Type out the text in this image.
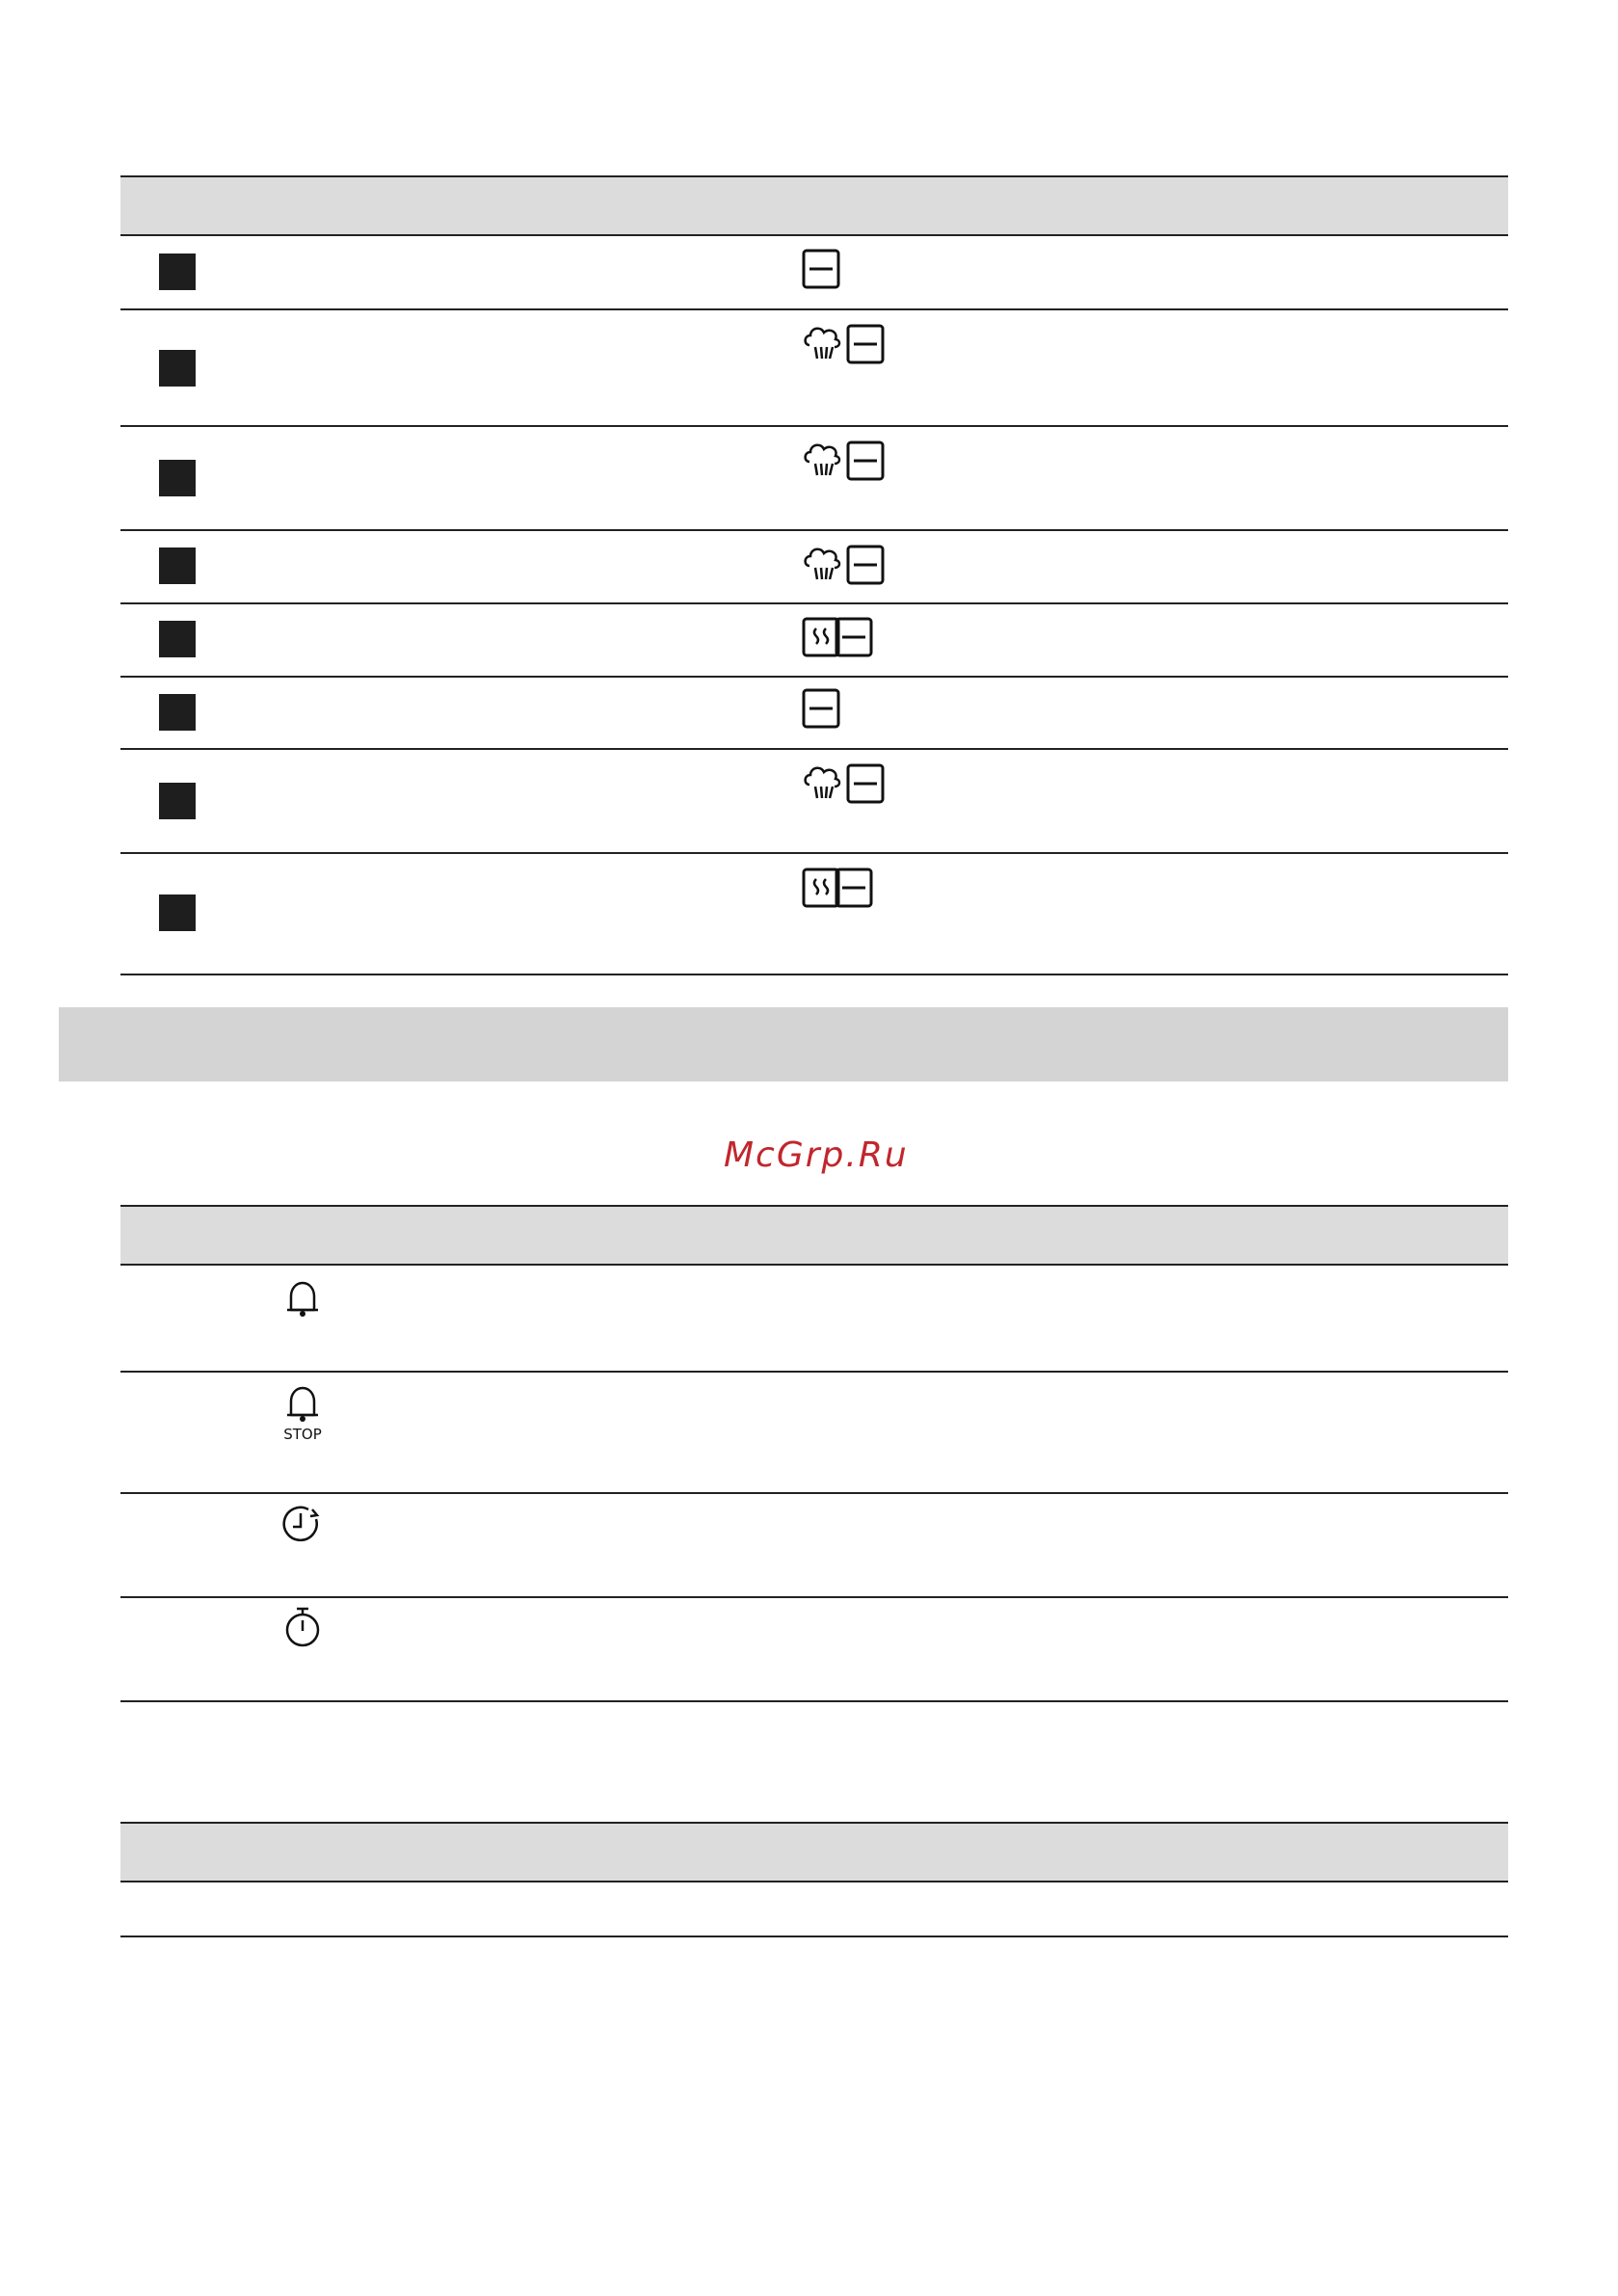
McGrp.Ru
STOP
